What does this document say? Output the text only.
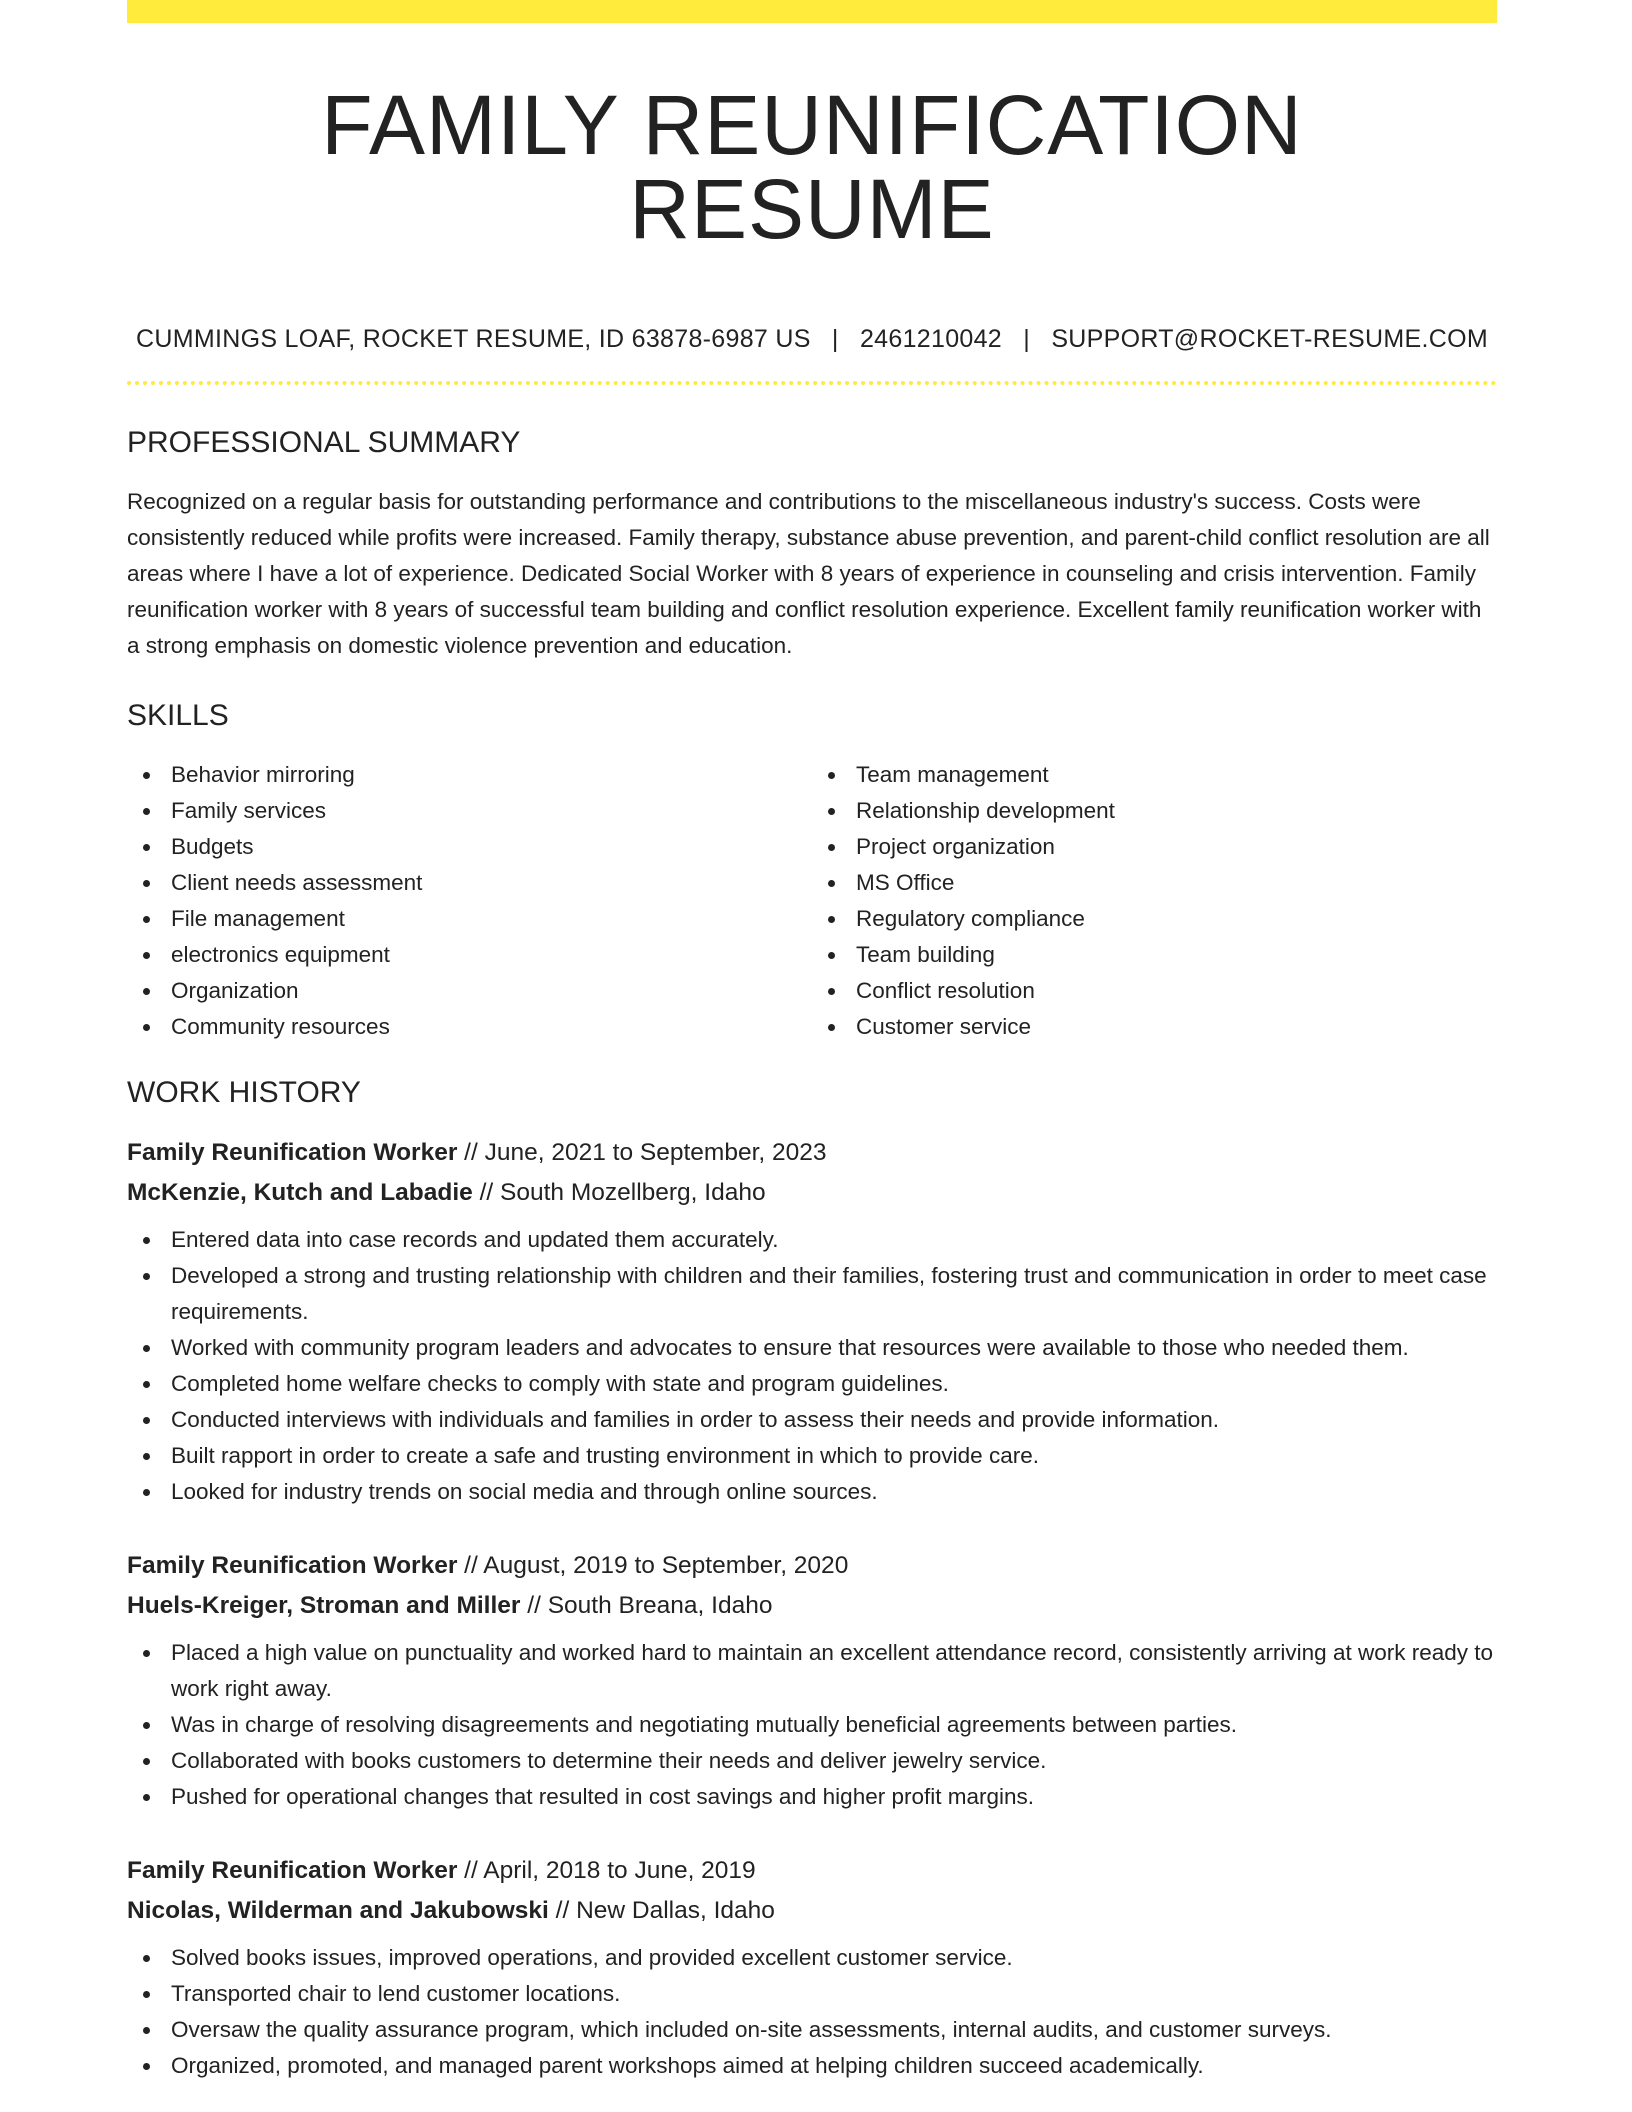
FAMILY REUNIFICATION RESUME
CUMMINGS LOAF, ROCKET RESUME, ID 63878-6987 US | 2461210042 | SUPPORT@ROCKET-RESUME.COM
PROFESSIONAL SUMMARY

Recognized on a regular basis for outstanding performance and contributions to the miscellaneous industry's success. Costs were consistently reduced while profits were increased. Family therapy, substance abuse prevention, and parent-child conflict resolution are all areas where I have a lot of experience. Dedicated Social Worker with 8 years of experience in counseling and crisis intervention. Family reunification worker with 8 years of successful team building and conflict resolution experience. Excellent family reunification worker with a strong emphasis on domestic violence prevention and education.

SKILLS
Behavior mirroring
Family services
Budgets
Client needs assessment
File management
electronics equipment
Organization
Community resources
Team management
Relationship development
Project organization
MS Office
Regulatory compliance
Team building
Conflict resolution
Customer service
WORK HISTORY
Family Reunification Worker // June, 2021 to September, 2023
McKenzie, Kutch and Labadie // South Mozellberg, Idaho
Entered data into case records and updated them accurately.
Developed a strong and trusting relationship with children and their families, fostering trust and communication in order to meet case requirements.
Worked with community program leaders and advocates to ensure that resources were available to those who needed them.
Completed home welfare checks to comply with state and program guidelines.
Conducted interviews with individuals and families in order to assess their needs and provide information.
Built rapport in order to create a safe and trusting environment in which to provide care.
Looked for industry trends on social media and through online sources.
Family Reunification Worker // August, 2019 to September, 2020
Huels-Kreiger, Stroman and Miller // South Breana, Idaho
Placed a high value on punctuality and worked hard to maintain an excellent attendance record, consistently arriving at work ready to work right away.
Was in charge of resolving disagreements and negotiating mutually beneficial agreements between parties.
Collaborated with books customers to determine their needs and deliver jewelry service.
Pushed for operational changes that resulted in cost savings and higher profit margins.
Family Reunification Worker // April, 2018 to June, 2019
Nicolas, Wilderman and Jakubowski // New Dallas, Idaho
Solved books issues, improved operations, and provided excellent customer service.
Transported chair to lend customer locations.
Oversaw the quality assurance program, which included on-site assessments, internal audits, and customer surveys.
Organized, promoted, and managed parent workshops aimed at helping children succeed academically.
